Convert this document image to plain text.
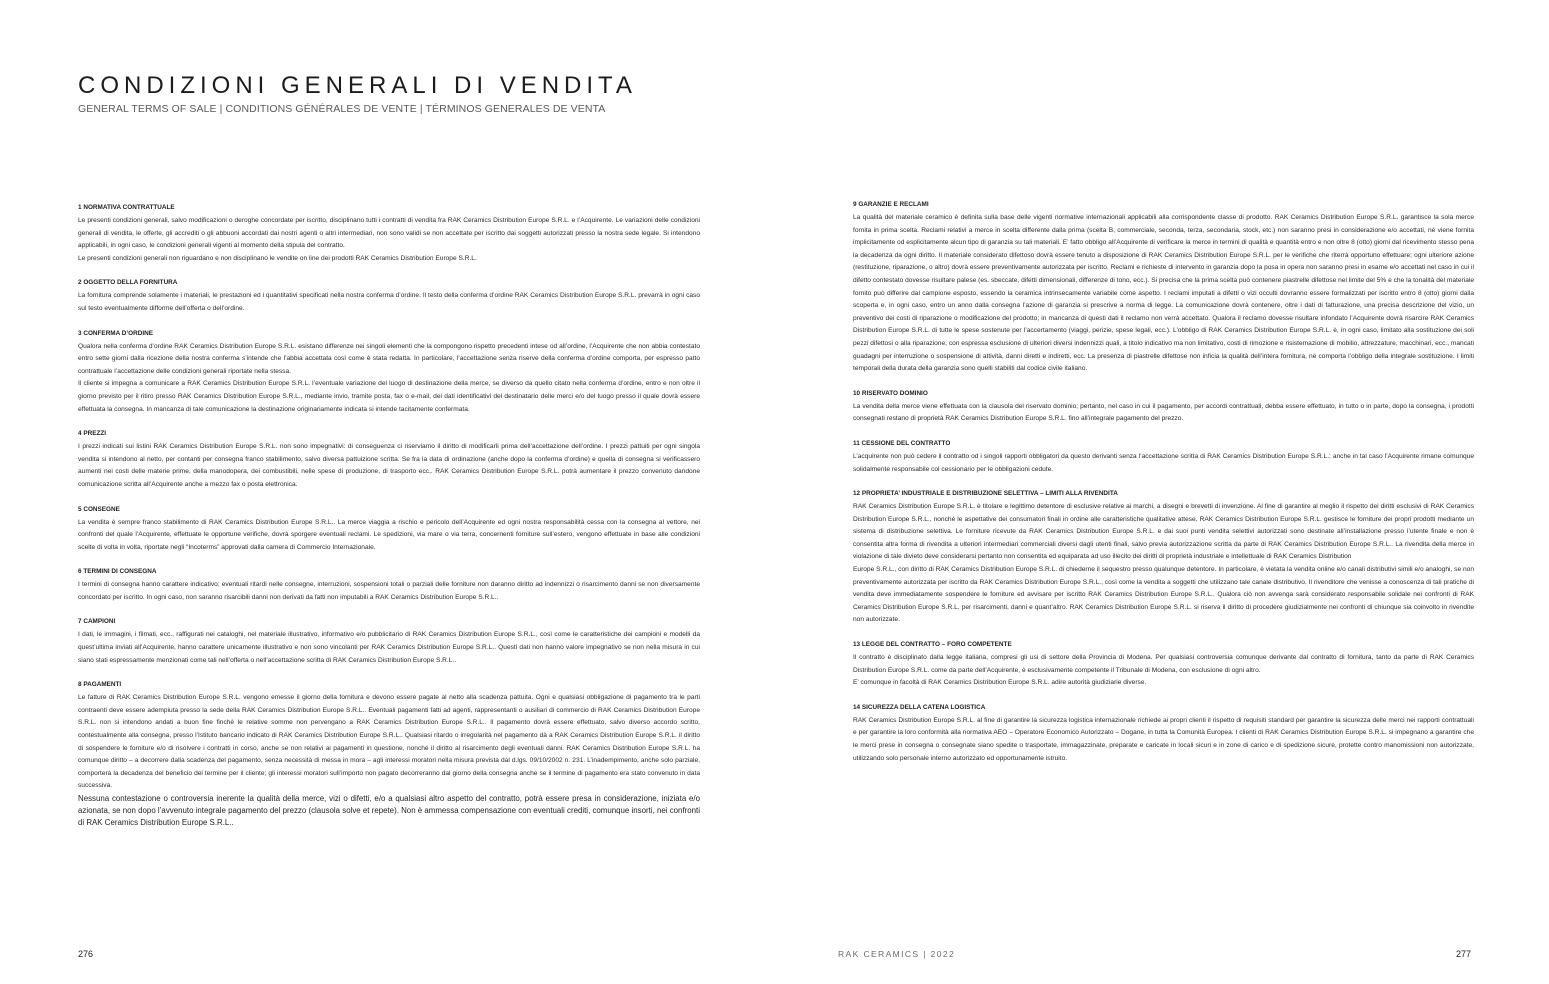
CONDIZIONI GENERALI DI VENDITA
GENERAL TERMS OF SALE | CONDITIONS GÉNÉRALES DE VENTE | TÉRMINOS GENERALES DE VENTA
1 NORMATIVA CONTRATTUALE

Le presenti condizioni generali, salvo modificazioni o deroghe concordate per iscritto, disciplinano tutti i contratti di vendita fra RAK Ceramics Distribution Europe S.R.L. e l’Acquirente. Le variazioni delle condizioni generali di vendita, le offerte, gli accrediti o gli abbuoni accordati dai nostri agenti o altri intermediari, non sono validi se non accettate per iscritto dai soggetti autorizzati presso la nostra sede legale. Si intendono applicabili, in ogni caso, le condizioni generali vigenti al momento della stipula del contratto.

Le presenti condizioni generali non riguardano e non disciplinano le vendite on line dei prodotti RAK Ceramics Distribution Europe S.R.L.

2 OGGETTO DELLA FORNITURA

La fornitura comprende solamente i materiali, le prestazioni ed i quantitativi specificati nella nostra conferma d’ordine. Il testo della conferma d’ordine RAK Ceramics Distribution Europe S.R.L. prevarrà in ogni caso sul testo eventualmente difforme dell’offerta o dell’ordine.

3 CONFERMA D’ORDINE

Qualora nella conferma d’ordine RAK Ceramics Distribution Europe S.R.L. esistano differenze nei singoli elementi che la compongono rispetto precedenti intese od all’ordine, l’Acquirente che non abbia contestato entro sette giorni dalla ricezione della nostra conferma s’intende che l’abbia accettata così come è stata redatta. In particolare, l’accettazione senza riserve della conferma d’ordine comporta, per espresso patto contrattuale l’accettazione delle condizioni generali riportate nella stessa.

Il cliente si impegna a comunicare a RAK Ceramics Distribution Europe S.R.L. l’eventuale variazione del luogo di destinazione della merce, se diverso da quello citato nella conferma d’ordine, entro e non oltre il giorno previsto per il ritiro presso RAK Ceramics Distribution Europe S.R.L., mediante invio, tramite posta, fax o e-mail, dei dati identificativi del destinatario delle merci e/o del luogo presso il quale dovrà essere effettuata la consegna. In mancanza di tale comunicazione la destinazione originariamente indicata si intende tacitamente confermata.

4 PREZZI

I prezzi indicati sui listini RAK Ceramics Distribution Europe S.R.L. non sono impegnativi: di conseguenza ci riserviamo il diritto di modificarli prima dell’accettazione dell’ordine. I prezzi pattuiti per ogni singola vendita si intendono al netto, per contanti per consegna franco stabilimento, salvo diversa pattuizione scritta. Se fra la data di ordinazione (anche dopo la conferma d’ordine) e quella di consegna si verificassero aumenti nei costi delle materie prime, della manodopera, dei combustibili, nelle spese di produzione, di trasporto ecc,. RAK Ceramics Distribution Europe S.R.L. potrà aumentare il prezzo convenuto dandone comunicazione scritta all’Acquirente anche a mezzo fax o posta elettronica.

5 CONSEGNE

La vendita è sempre franco stabilimento di RAK Ceramics Distribution Europe S.R.L.. La merce viaggia a rischio e pericolo dell’Acquirente ed ogni nostra responsabilità cessa con la consegna al vettore, nei confronti del quale l’Acquirente, effettuate le opportune verifiche, dovrà sporgere eventuali reclami. Le spedizioni, via mare o via terra, concernenti forniture sull’estero, vengono effettuate in base alle condizioni scelte di volta in volta, riportate negli “Incoterms” approvati dalla camera di Commercio Internazionale.

6 TERMINI DI CONSEGNA

I termini di consegna hanno carattere indicativo; eventuali ritardi nelle consegne, interruzioni, sospensioni totali o parziali delle forniture non daranno diritto ad indennizzi o risarcimento danni se non diversamente concordato per iscritto. In ogni caso, non saranno risarcibili danni non derivati da fatti non imputabili a RAK Ceramics Distribution Europe S.R.L..

7 CAMPIONI

I dati, le immagini, i filmati, ecc., raffigurati nei cataloghi, nel materiale illustrativo, informativo e/o pubblicitario di RAK Ceramics Distribution Europe S.R.L., così come le caratteristiche dei campioni e modelli da quest’ultima inviati all’Acquirente, hanno carattere unicamente illustrativo e non sono vincolanti per RAK Ceramics Distribution Europe S.R.L.. Questi dati non hanno valore impegnativo se non nella misura in cui siano stati espressamente menzionati come tali nell’offerta o nell’accettazione scritta di RAK Ceramics Distribution Europe S.R.L..

8 PAGAMENTI

Le fatture di RAK Ceramics Distribution Europe S.R.L. vengono emesse il giorno della fornitura e devono essere pagate al netto alla scadenza pattuita. Ogni e qualsiasi obbligazione di pagamento tra le parti contraenti deve essere adempiuta presso la sede della RAK Ceramics Distribution Europe S.R.L.. Eventuali pagamenti fatti ad agenti, rappresentanti o ausiliari di commercio di RAK Ceramics Distribution Europe S.R.L. non si intendono andati a buon fine finché le relative somme non pervengano a RAK Ceramics Distribution Europe S.R.L.. Il pagamento dovrà essere effettuato, salvo diverso accordo scritto, contestualmente alla consegna, presso l’Istituto bancario indicato di RAK Ceramics Distribution Europe S.R.L.. Qualsiasi ritardo o irregolarità nel pagamento dà a RAK Ceramics Distribution Europe S.R.L. il diritto di sospendere le forniture e/o di risolvere i contratti in corso, anche se non relativi ai pagamenti in questione, nonché il diritto al risarcimento degli eventuali danni. RAK Ceramics Distribution Europe S.R.L. ha comunque diritto – a decorrere dalla scadenza del pagamento, senza necessità di messa in mora – agli interessi moratori nella misura prevista dal d.lgs. 09/10/2002 n. 231. L’inadempimento, anche solo parziale, comporterà la decadenza del beneficio del termine per il cliente; gli interessi moratori sull’importo non pagato decorreranno dal giorno della consegna anche se il termine di pagamento era stato convenuto in data successiva.

Nessuna contestazione o controversia inerente la qualità della merce, vizi o difetti, e/o a qualsiasi altro aspetto del contratto, potrà essere presa in considerazione, iniziata e/o azionata, se non dopo l’avvenuto integrale pagamento del prezzo (clausola solve et repete). Non è ammessa compensazione con eventuali crediti, comunque insorti, nei confronti di RAK Ceramics Distribution Europe S.R.L..

9 GARANZIE E RECLAMI

La qualità del materiale ceramico è definita sulla base delle vigenti normative internazionali applicabili alla corrispondente classe di prodotto. RAK Ceramics Distribution Europe S.R.L. garantisce la sola merce fornita in prima scelta. Reclami relativi a merce in scelta differente dalla prima (scelta B, commerciale, seconda, terza, secondaria, stock, etc.) non saranno presi in considerazione e/o accettati, né viene fornita implicitamente od esplicitamente alcun tipo di garanzia su tali materiali. E’ fatto obbligo all’Acquirente di verificare la merce in termini di qualità e quantità entro e non oltre 8 (otto) giorni dal ricevimento stesso pena la decadenza da ogni diritto. Il materiale considerato difettoso dovrà essere tenuto a disposizione di RAK Ceramics Distribution Europe S.R.L. per le verifiche che riterrà opportuno effettuare; ogni ulteriore azione (restituzione, riparazione, o altro) dovrà essere preventivamente autorizzata per iscritto. Reclami e richieste di intervento in garanzia dopo la posa in opera non saranno presi in esame e/o accettati nel caso in cui il difetto contestato dovesse risultare palese (es. sbeccate, difetti dimensionali, differenze di tono, ecc.). Si precisa che la prima scelta può contenere piastrelle difettose nel limite del 5% e che la tonalità del materiale fornito può differire dal campione esposto, essendo la ceramica intrinsecamente variabile come aspetto. I reclami imputati a difetti o vizi occulti dovranno essere formalizzati per iscritto entro 8 (otto) giorni dalla scoperta e, in ogni caso, entro un anno dalla consegna l’azione di garanzia si prescrive a norma di legge. La comunicazione dovrà contenere, oltre i dati di fatturazione, una precisa descrizione del vizio, un preventivo dei costi di riparazione o modificazione del prodotto; in mancanza di questi dati il reclamo non verrà accettato. Qualora il reclamo dovesse risultare infondato l’Acquirente dovrà risarcire RAK Ceramics Distribution Europe S.R.L. di tutte le spese sostenute per l’accertamento (viaggi, perizie, spese legali, ecc.). L’obbligo di RAK Ceramics Distribution Europe S.R.L. è, in ogni caso, limitato alla sostituzione dei soli pezzi difettosi o alla riparazione, con espressa esclusione di ulteriori diversi indennizzi quali, a titolo indicativo ma non limitativo, costi di rimozione e risistemazione di mobilio, attrezzature, macchinari, ecc., mancati guadagni per interruzione o sospensione di attività, danni diretti e indiretti, ecc. La presenza di piastrelle difettose non inficia la qualità dell’intera fornitura, né comporta l’obbligo della integrale sostituzione. I limiti temporali della durata della garanzia sono quelli stabiliti dal codice civile italiano.

10 RISERVATO DOMINIO

La vendita della merce viene effettuata con la clausola del riservato dominio; pertanto, nel caso in cui il pagamento, per accordi contrattuali, debba essere effettuato, in tutto o in parte, dopo la consegna, i prodotti consegnati restano di proprietà RAK Ceramics Distribution Europe S.R.L. fino all’integrale pagamento del prezzo.

11 CESSIONE DEL CONTRATTO

L’acquirente non può cedere il contratto od i singoli rapporti obbligatori da questo derivanti senza l’accettazione scritta di RAK Ceramics Distribution Europe S.R.L.; anche in tal caso l’Acquirente rimane comunque solidalmente responsabile col cessionario per le obbligazioni cedute.

12 PROPRIETA’ INDUSTRIALE E DISTRIBUZIONE SELETTIVA – LIMITI ALLA RIVENDITA

RAK Ceramics Distribution Europe S.R.L. è titolare e legittimo detentore di esclusive relative ai marchi, a disegni e brevetti di invenzione. Al fine di garantire al meglio il rispetto dei diritti esclusivi di RAK Ceramics Distribution Europe S.R.L., nonché le aspettative dei consumatori finali in ordine alle caratteristiche qualitative attese, RAK Ceramics Distribution Europe S.R.L. gestisce le forniture dei propri prodotti mediante un sistema di distribuzione selettiva. Le forniture ricevute da RAK Ceramics Distribution Europe S.R.L. e dai suoi punti vendita selettivi autorizzati sono destinate all’installazione presso l’utente finale e non è consentita altra forma di rivendita a ulteriori intermediari commerciali diversi dagli utenti finali, salvo previa autorizzazione scritta da parte di RAK Ceramics Distribution Europe S.R.L.. La rivendita della merce in violazione di tale divieto deve considerarsi pertanto non consentita ed equiparata ad uso illecito dei diritti di proprietà industriale e intellettuale di RAK Ceramics Distribution

Europe S.R.L., con diritto di RAK Ceramics Distribution Europe S.R.L. di chiederne il sequestro presso qualunque detentore. In particolare, è vietata la vendita online e/o canali distributivi simili e/o analoghi, se non preventivamente autorizzata per iscritto da RAK Ceramics Distribution Europe S.R.L., così come la vendita a soggetti che utilizzano tale canale distributivo. Il rivenditore che venisse a conoscenza di tali pratiche di vendita deve immediatamente sospendere le forniture ed avvisare per iscritto RAK Ceramics Distribution Europe S.R.L.. Qualora ciò non avvenga sarà considerato responsabile solidale nei confronti di RAK Ceramics Distribution Europe S.R.L. per risarcimenti, danni e quant’altro. RAK Ceramics Distribution Europe S.R.L. si riserva il diritto di procedere giudizialmente nei confronti di chiunque sia coinvolto in rivendite non autorizzate.

13 LEGGE DEL CONTRATTO – FORO COMPETENTE

Il contratto è disciplinato dalla legge italiana, compresi gli usi di settore della Provincia di Modena. Per qualsiasi controversia comunque derivante dal contratto di fornitura, tanto da parte di RAK Ceramics Distribution Europe S.R.L. come da parte dell’Acquirente, è esclusivamente competente il Tribunale di Modena, con esclusione di ogni altro.

E’ comunque in facoltà di RAK Ceramics Distribution Europe S.R.L. adire autorità giudiziarie diverse.

14 SICUREZZA DELLA CATENA LOGISTICA

RAK Ceramics Distribution Europe S.R.L. al fine di garantire la sicurezza logistica internazionale richiede ai propri clienti il rispetto di requisiti standard per garantire la sicurezza delle merci nei rapporti contrattuali e per garantire la loro conformità alla normativa AEO – Operatore Economico Autorizzato – Dogane, in tutta la Comunità Europea. I clienti di RAK Ceramics Distribution Europe S.R.L. si impegnano a garantire che le merci prese in consegna o consegnate siano spedite o trasportate, immagazzinate, preparate e caricate in locali sicuri e in zone di carico e di spedizione sicure, protette contro manomissioni non autorizzate, utilizzando solo personale interno autorizzato ed opportunamente istruito.

276	RAK CERAMICS | 2022	277
